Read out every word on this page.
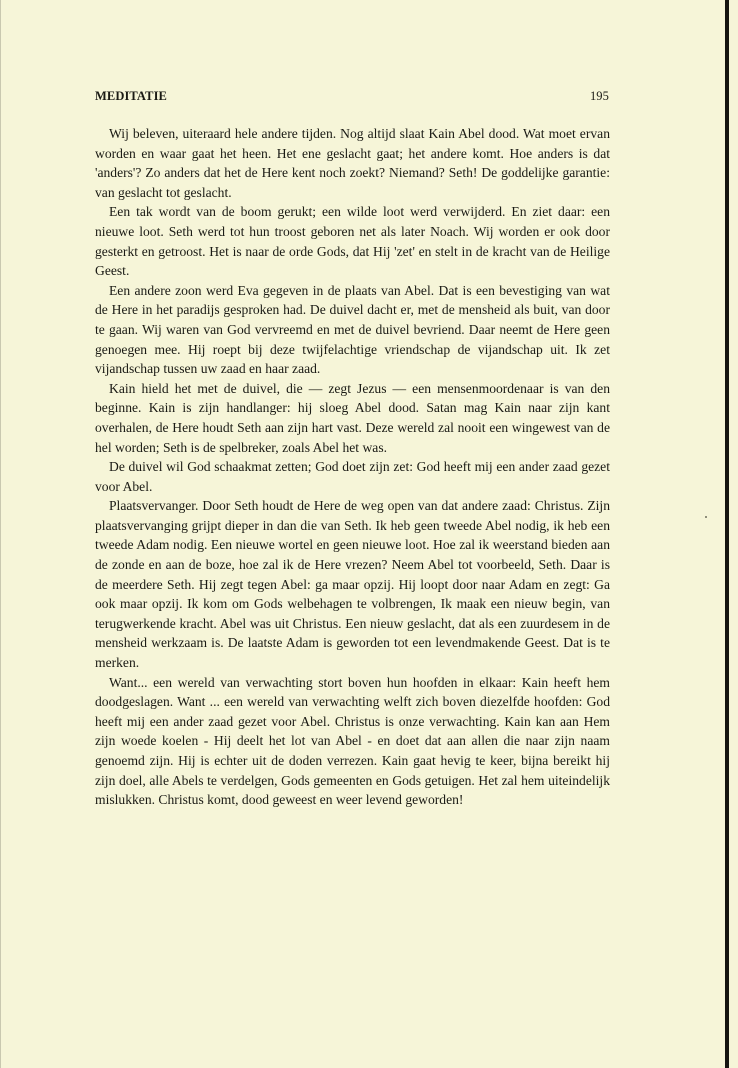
MEDITATIE	195

Wij beleven, uiteraard hele andere tijden. Nog altijd slaat Kain Abel dood. Wat moet ervan worden en waar gaat het heen. Het ene geslacht gaat; het andere komt. Hoe anders is dat 'anders'? Zo anders dat het de Here kent noch zoekt? Niemand? Seth! De goddelijke garantie: van geslacht tot geslacht.

Een tak wordt van de boom gerukt; een wilde loot werd verwijderd. En ziet daar: een nieuwe loot. Seth werd tot hun troost geboren net als later Noach. Wij worden er ook door gesterkt en getroost. Het is naar de orde Gods, dat Hij 'zet' en stelt in de kracht van de Heilige Geest.

Een andere zoon werd Eva gegeven in de plaats van Abel. Dat is een bevestiging van wat de Here in het paradijs gesproken had. De duivel dacht er, met de mensheid als buit, van door te gaan. Wij waren van God vervreemd en met de duivel bevriend. Daar neemt de Here geen genoegen mee. Hij roept bij deze twijfelachtige vriendschap de vijandschap uit. Ik zet vijandschap tussen uw zaad en haar zaad.

Kain hield het met de duivel, die — zegt Jezus — een mensenmoordenaar is van den beginne. Kain is zijn handlanger: hij sloeg Abel dood. Satan mag Kain naar zijn kant overhalen, de Here houdt Seth aan zijn hart vast. Deze wereld zal nooit een wingewest van de hel worden; Seth is de spelbreker, zoals Abel het was.

De duivel wil God schaakmat zetten; God doet zijn zet: God heeft mij een ander zaad gezet voor Abel.

Plaatsvervanger. Door Seth houdt de Here de weg open van dat andere zaad: Christus. Zijn plaatsvervanging grijpt dieper in dan die van Seth. Ik heb geen tweede Abel nodig, ik heb een tweede Adam nodig. Een nieuwe wortel en geen nieuwe loot. Hoe zal ik weerstand bieden aan de zonde en aan de boze, hoe zal ik de Here vrezen? Neem Abel tot voorbeeld, Seth. Daar is de meerdere Seth. Hij zegt tegen Abel: ga maar opzij. Hij loopt door naar Adam en zegt: Ga ook maar opzij. Ik kom om Gods welbehagen te volbrengen, Ik maak een nieuw begin, van terugwerkende kracht. Abel was uit Christus. Een nieuw geslacht, dat als een zuurdesem in de mensheid werkzaam is. De laatste Adam is geworden tot een levendmakende Geest. Dat is te merken.

Want... een wereld van verwachting stort boven hun hoofden in elkaar: Kain heeft hem doodgeslagen. Want ... een wereld van verwachting welft zich boven diezelfde hoofden: God heeft mij een ander zaad gezet voor Abel. Christus is onze verwachting. Kain kan aan Hem zijn woede koelen - Hij deelt het lot van Abel - en doet dat aan allen die naar zijn naam genoemd zijn. Hij is echter uit de doden verrezen. Kain gaat hevig te keer, bijna bereikt hij zijn doel, alle Abels te verdelgen, Gods gemeenten en Gods getuigen. Het zal hem uiteindelijk mislukken. Christus komt, dood geweest en weer levend geworden!
